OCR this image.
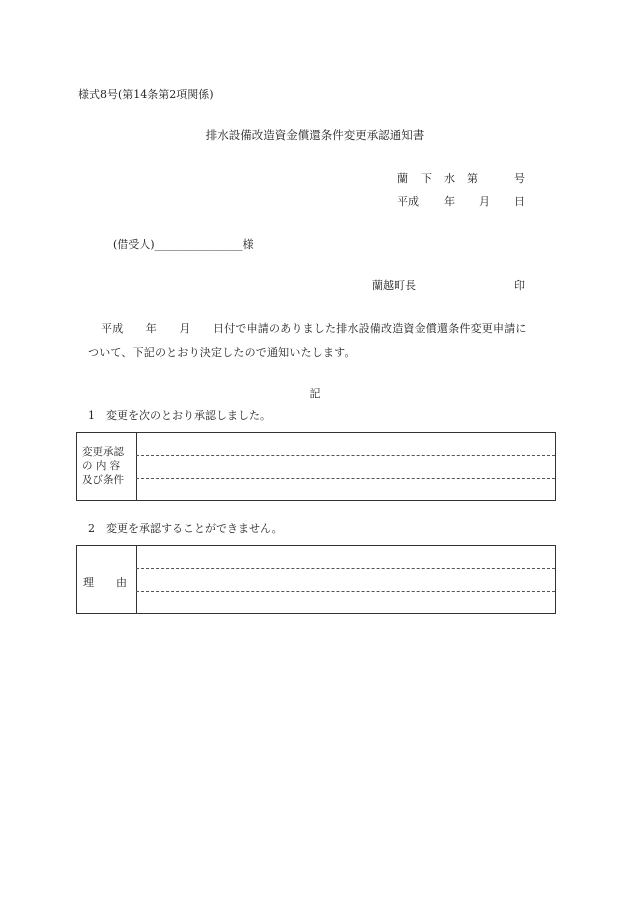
様式8号(第14条第2項関係)
排水設備改造資金償還条件変更承認通知書
蘭 下 水 第	号
平成 年 月 日
(借受人)________________様
蘭越町長	印
平成　　年　　月　　日付で申請のありました排水設備改造資金償還条件変更申請に
ついて、下記のとおり決定したので通知いたします。
記
1　変更を次のとおり承認しました。
変更承認
の 内 容
及び条件
2　変更を承認することができません。
理　　由
